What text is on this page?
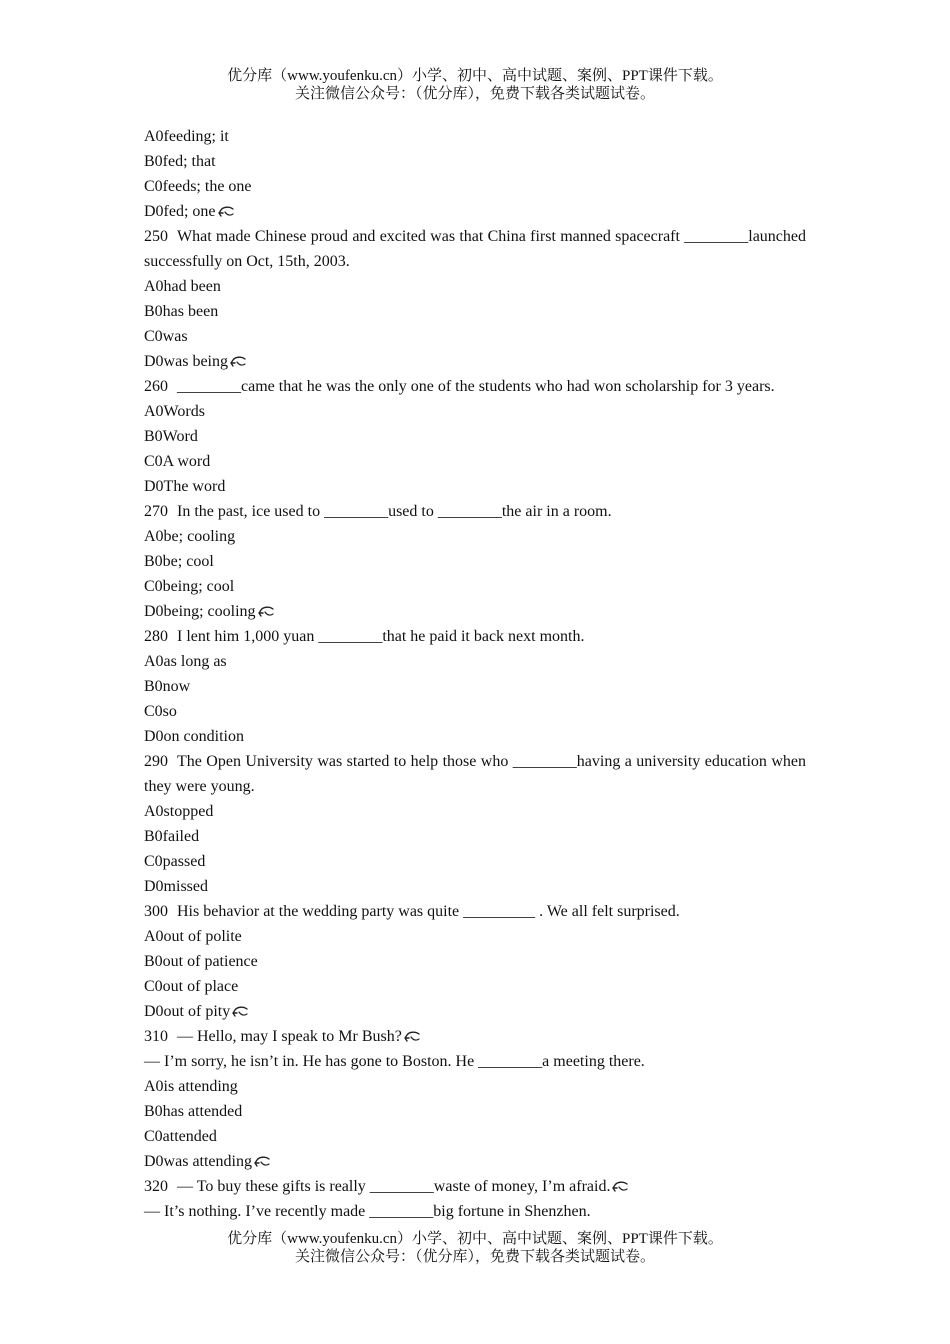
优分库（www.youfenku.cn）小学、初中、高中试题、案例、PPT课件下载。
关注微信公众号：（优分库），免费下载各类试题试卷。
A0feeding; it
B0fed; that
C0feeds; the one
D0fed; one
250 What made Chinese proud and excited was that China first manned spacecraft ________launched successfully on Oct, 15th, 2003.
A0had been
B0has been
C0was
D0was being
260 ________came that he was the only one of the students who had won scholarship for 3 years.
A0Words
B0Word
C0A word
D0The word
270 In the past, ice used to ________used to ________the air in a room.
A0be; cooling
B0be; cool
C0being; cool
D0being; cooling
280 I lent him 1,000 yuan ________that he paid it back next month.
A0as long as
B0now
C0so
D0on condition
290 The Open University was started to help those who ________having a university education when they were young.
A0stopped
B0failed
C0passed
D0missed
300 His behavior at the wedding party was quite _________ . We all felt surprised.
A0out of polite
B0out of patience
C0out of place
D0out of pity
310 — Hello, may I speak to Mr Bush?
— I’m sorry, he isn’t in. He has gone to Boston. He ________a meeting there.
A0is attending
B0has attended
C0attended
D0was attending
320 — To buy these gifts is really ________waste of money, I’m afraid.
— It’s nothing. I’ve recently made ________big fortune in Shenzhen.
优分库（www.youfenku.cn）小学、初中、高中试题、案例、PPT课件下载。
关注微信公众号：（优分库），免费下载各类试题试卷。
